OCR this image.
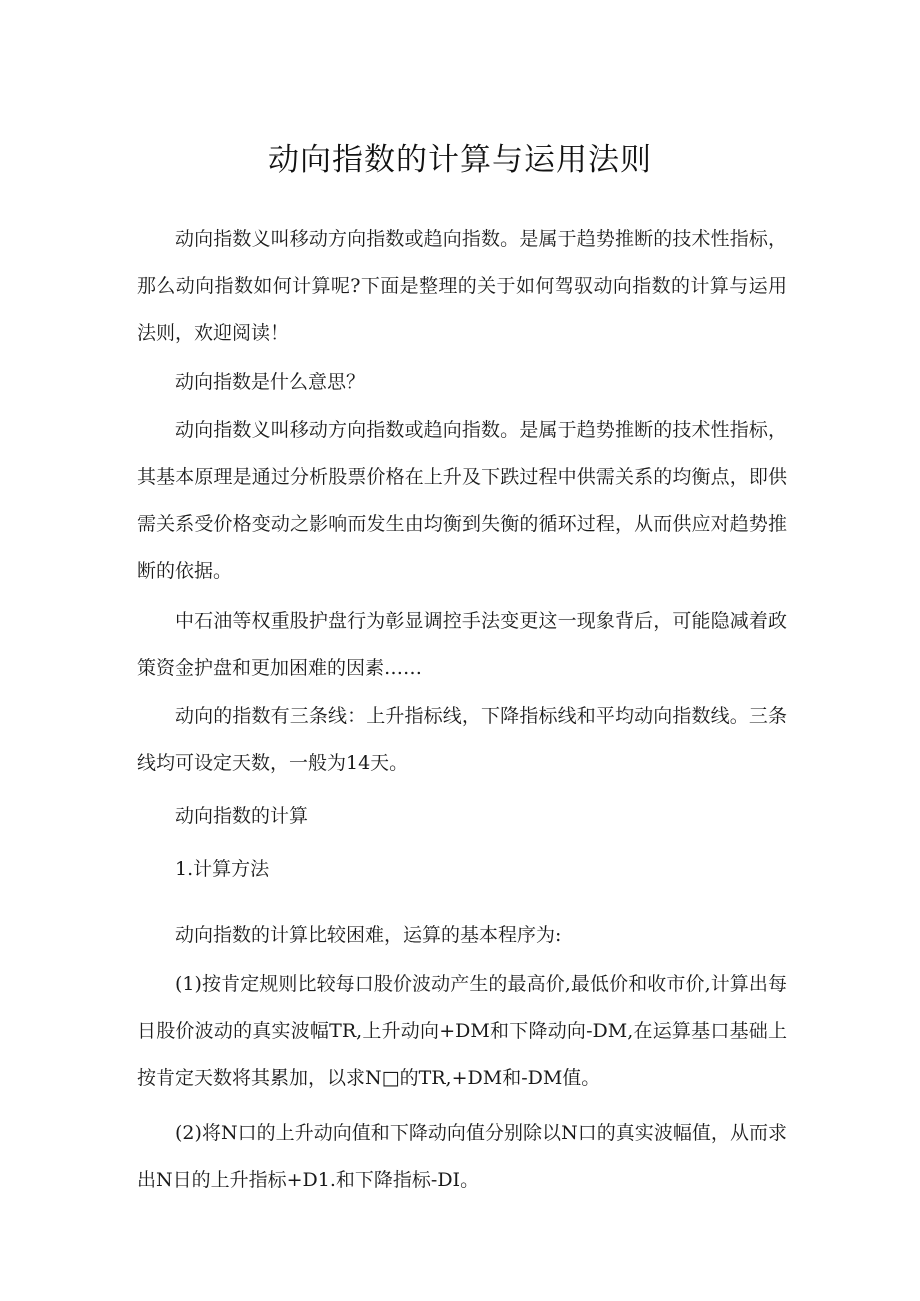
动向指数的计算与运用法则

动向指数义叫移动方向指数或趋向指数。是属于趋势推断的技术性指标，那么动向指数如何计算呢?下面是整理的关于如何驾驭动向指数的计算与运用法则，欢迎阅读！

动向指数是什么意思？

动向指数义叫移动方向指数或趋向指数。是属于趋势推断的技术性指标，其基本原理是通过分析股票价格在上升及下跌过程中供需关系的均衡点，即供需关系受价格变动之影响而发生由均衡到失衡的循环过程，从而供应对趋势推断的依据。

中石油等权重股护盘行为彰显调控手法变更这一现象背后，可能隐减着政策资金护盘和更加困难的因素……

动向的指数有三条线：上升指标线，下降指标线和平均动向指数线。三条线均可设定天数，一般为14天。

动向指数的计算

1.计算方法

动向指数的计算比较困难，运算的基本程序为:

(1)按肯定规则比较每口股价波动产生的最高价,最低价和收市价,计算出每日股价波动的真实波幅TR,上升动向+DM和下降动向-DM,在运算基口基础上按肯定天数将其累加，以求N□的TR,+DM和-DM值。

(2)将N口的上升动向值和下降动向值分别除以N口的真实波幅值，从而求出N日的上升指标+D1.和下降指标-DI。
